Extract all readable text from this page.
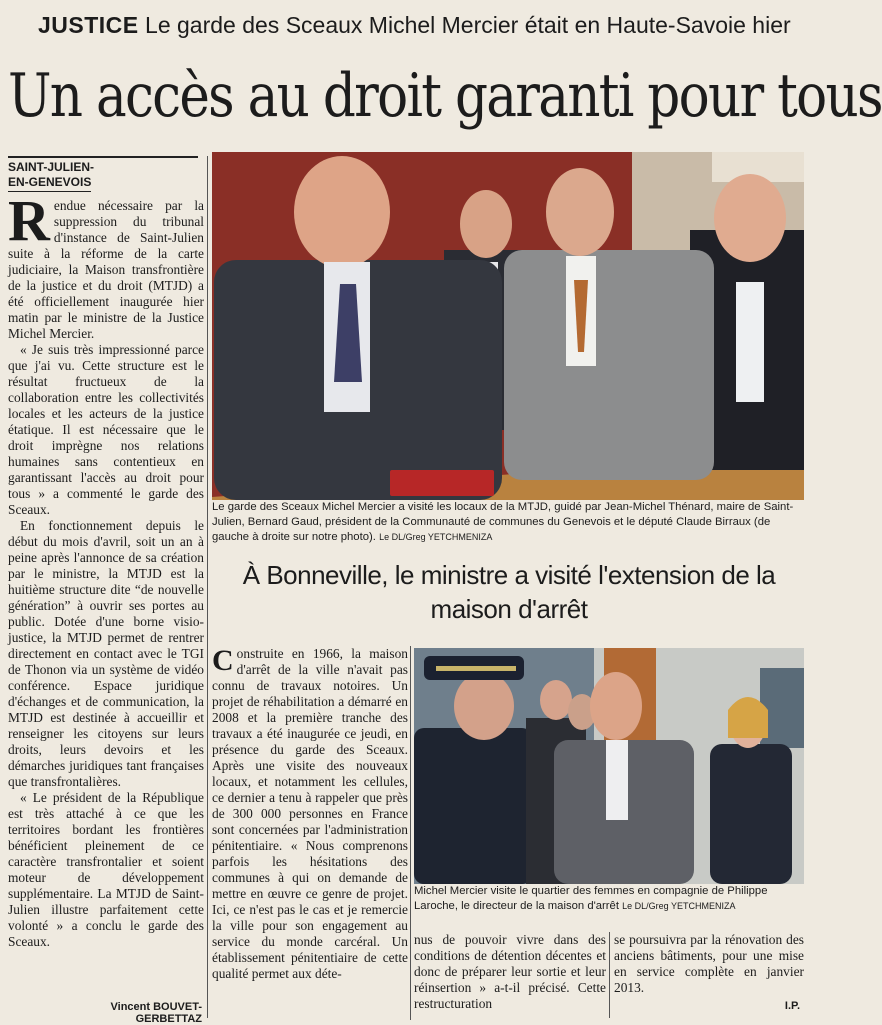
JUSTICE Le garde des Sceaux Michel Mercier était en Haute-Savoie hier
Un accès au droit garanti pour tous
SAINT-JULIEN-
EN-GENEVOIS
R endue nécessaire par la suppression du tribunal d'instance de Saint-Julien suite à la réforme de la carte judiciaire, la Maison transfrontière de la justice et du droit (MTJD) a été officiellement inaugurée hier matin par le ministre de la Justice Michel Mercier.

« Je suis très impressionné parce que j'ai vu. Cette structure est le résultat fructueux de la collaboration entre les collectivités locales et les acteurs de la justice étatique. Il est nécessaire que le droit imprègne nos relations humaines sans contentieux en garantissant l'accès au droit pour tous » a commenté le garde des Sceaux.

En fonctionnement depuis le début du mois d'avril, soit un an à peine après l'annonce de sa création par le ministre, la MTJD est la huitième structure dite “de nouvelle génération” à ouvrir ses portes au public. Dotée d'une borne visio-justice, la MTJD permet de rentrer directement en contact avec le TGI de Thonon via un système de vidéo conférence. Espace juridique d'échanges et de communication, la MTJD est destinée à accueillir et renseigner les citoyens sur leurs droits, leurs devoirs et les démarches juridiques tant françaises que transfrontalières.

« Le président de la République est très attaché à ce que les territoires bordant les frontières bénéficient pleinement de ce caractère transfrontalier et soient moteur de développement supplémentaire. La MTJD de Saint-Julien illustre parfaitement cette volonté » a conclu le garde des Sceaux.

Vincent BOUVET-GERBETTAZ
Le garde des Sceaux Michel Mercier a visité les locaux de la MTJD, guidé par Jean-Michel Thénard, maire de Saint-Julien, Bernard Gaud, président de la Communauté de communes du Genevois et le député Claude Birraux (de gauche à droite sur notre photo). Le DL/Greg YETCHMENIZA
À Bonneville, le ministre a visité l'extension de la maison d'arrêt
C onstruite en 1966, la maison d'arrêt de la ville n'avait pas connu de travaux notoires. Un projet de réhabilitation a démarré en 2008 et la première tranche des travaux a été inaugurée ce jeudi, en présence du garde des Sceaux. Après une visite des nouveaux locaux, et notamment les cellules, ce dernier a tenu à rappeler que près de 300 000 personnes en France sont concernées par l'administration pénitentiaire. « Nous comprenons parfois les hésitations des communes à qui on demande de mettre en œuvre ce genre de projet. Ici, ce n'est pas le cas et je remercie la ville pour son engagement au service du monde carcéral. Un établissement pénitentiaire de cette qualité permet aux déte-

Michel Mercier visite le quartier des femmes en compagnie de Philippe Laroche, le directeur de la maison d'arrêt Le DL/Greg YETCHMENIZA
nus de pouvoir vivre dans des conditions de détention décentes et donc de préparer leur sortie et leur réinsertion » a-t-il précisé. Cette restructuration
se poursuivra par la rénovation des anciens bâtiments, pour une mise en service complète en janvier 2013.
I.P.
